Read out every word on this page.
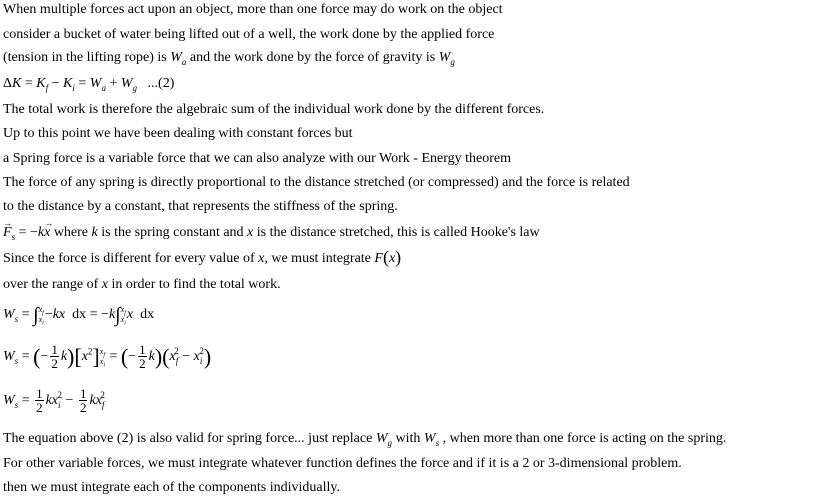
When multiple forces act upon an object, more than one force may do work on the object
consider a bucket of water being lifted out of a well, the work done by the applied force
(tension in the lifting rope) is $W_a$ and the work done by the force of gravity is $W_g$
$\Delta K = K_f - K_i = W_a + W_g$ ...(2)
The total work is therefore the algebraic sum of the individual work done by the different forces.
Up to this point we have been dealing with constant forces but
a Spring force is a variable force that we can also analyze with our Work - Energy theorem
The force of any spring is directly proportional to the distance stretched (or compressed) and the force is related
to the distance by a constant, that represents the stiffness of the spring.
→ $F_s = -k\to x$ where k is the spring constant and x is the distance stretched, this is called Hooke's law
Since the force is different for every value of x, we must integrate F(x)
over the range of x in order to find the total work.
$W_s$ = ∫ $x_f$
$x_i$
−kx  dx = −k∫ $x_f$
$x_i$
x  dx
$W_s$ = (− $\frac{1}{2} k)[x^2]$ $x_f$
$x_i$
= (− $\frac{1}{2} k)(x_f^2 - x_i^2)$
$W_s = \frac{1}{2} kx_i^2 - \frac{1}{2} kx_f^2$
The equation above (2) is also valid for spring force... just replace $W_g$ with $W_s$ , when more than one force is acting on the spring.
For other variable forces, we must integrate whatever function defines the force and if it is a 2 or 3-dimensional problem.
then we must integrate each of the components individually.
